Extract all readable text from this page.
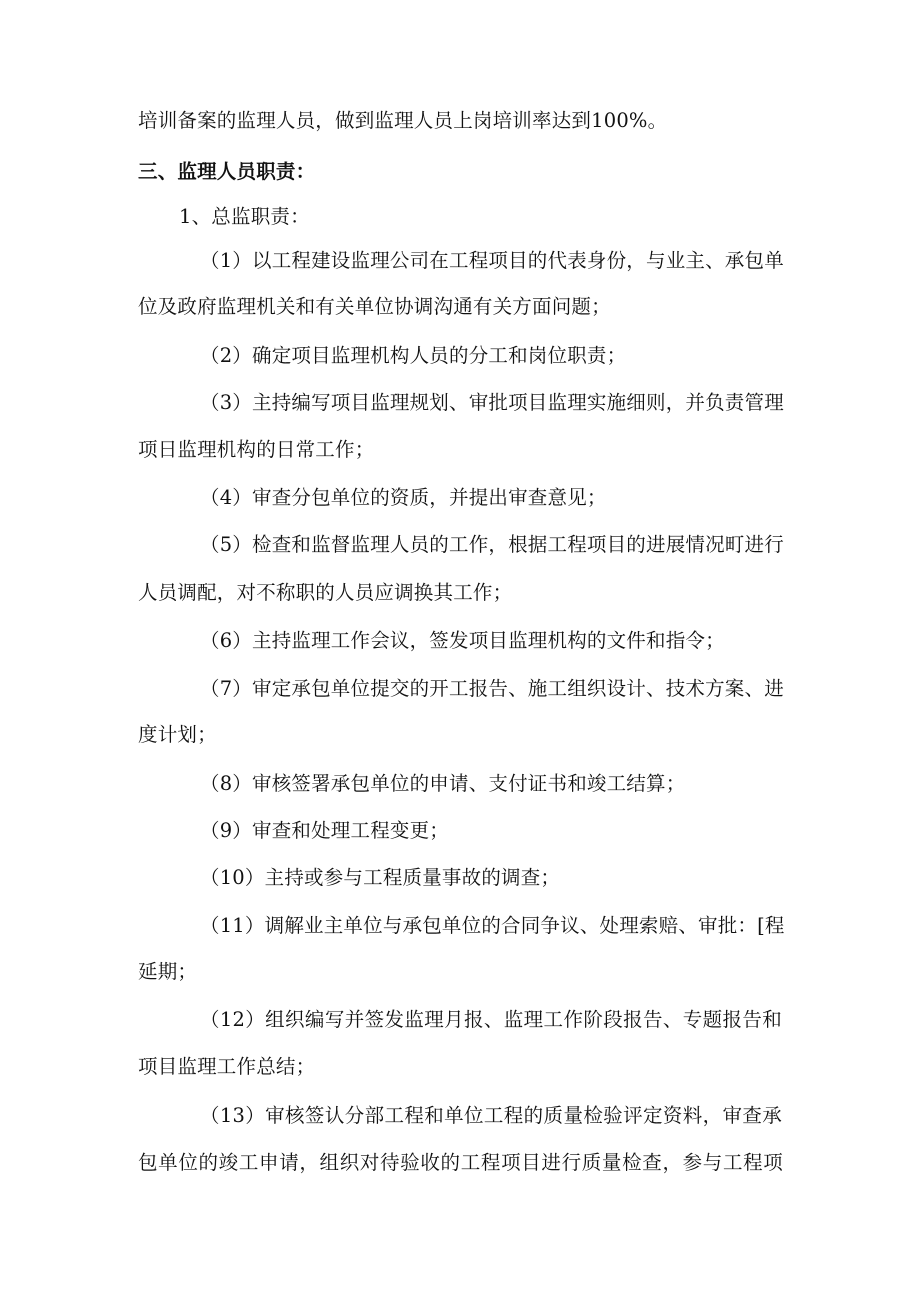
培训备案的监理人员，做到监理人员上岗培训率达到100%。
三、监理人员职责：
1、总监职责：
（1）以工程建设监理公司在工程项目的代表身份，与业主、承包单
位及政府监理机关和有关单位协调沟通有关方面问题；
（2）确定项目监理机构人员的分工和岗位职责；
（3）主持编写项目监理规划、审批项目监理实施细则，并负责管理
项日监理机构的日常工作；
（4）审查分包单位的资质，并提出审查意见；
（5）检查和监督监理人员的工作，根据工程项目的进展情况町进行
人员调配，对不称职的人员应调换其工作；
（6）主持监理工作会议，签发项目监理机构的文件和指令；
（7）审定承包单位提交的开工报告、施工组织设计、技术方案、进
度计划；
（8）审核签署承包单位的申请、支付证书和竣工结算；
（9）审查和处理工程变更；
（10）主持或参与工程质量事故的调查；
（11）调解业主单位与承包单位的合同争议、处理索赔、审批：[程
延期；
（12）组织编写并签发监理月报、监理工作阶段报告、专题报告和
项目监理工作总结；
（13）审核签认分部工程和单位工程的质量检验评定资料，审查承
包单位的竣工申请，组织对待验收的工程项目进行质量检查，参与工程项
